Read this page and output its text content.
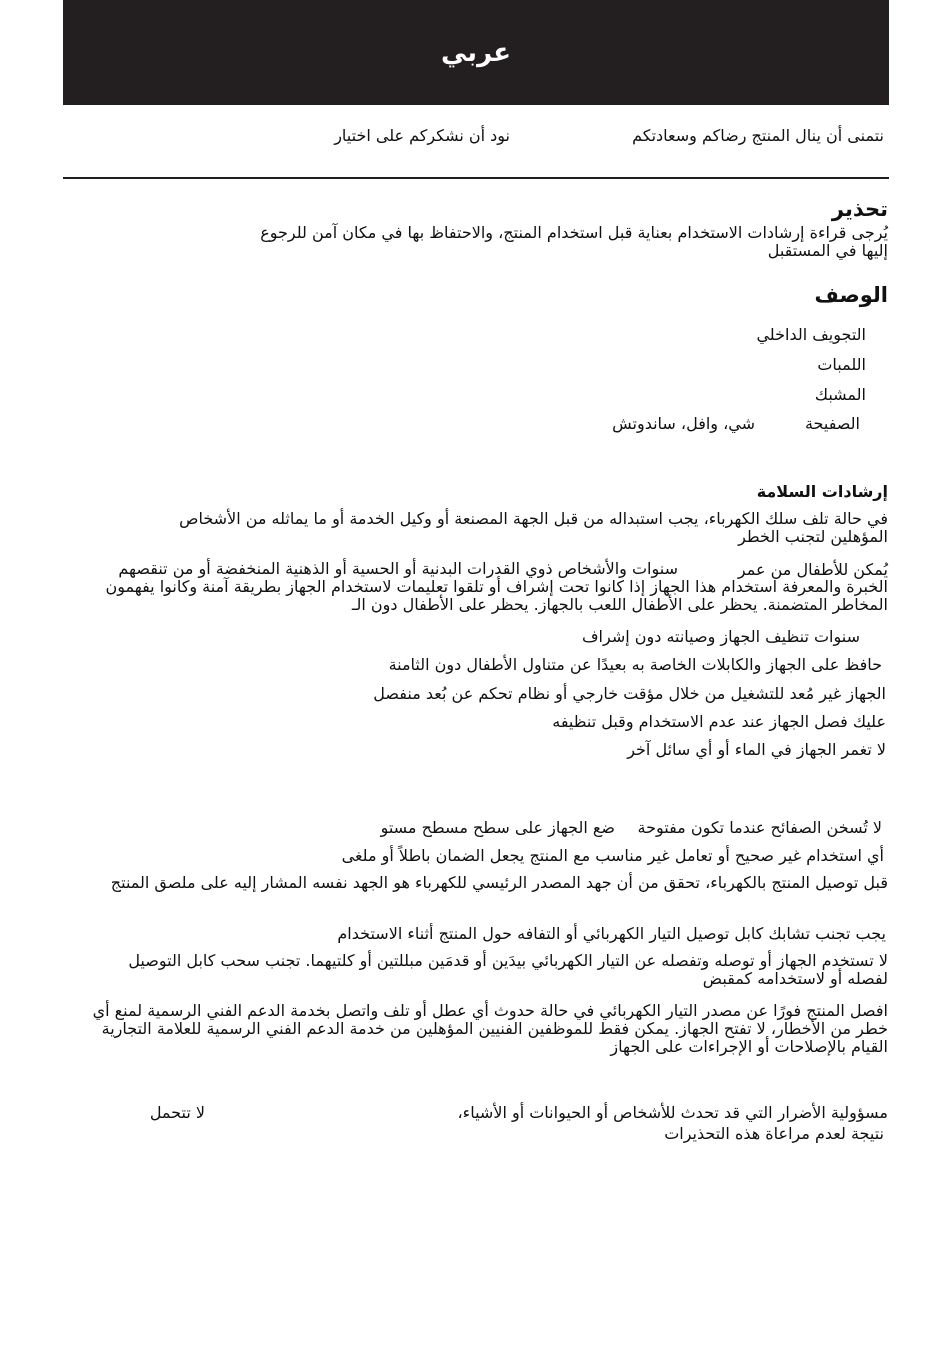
عربي
نتمنى أن ينال المنتج رضاكم وسعادتكم
نود أن نشكركم على اختيار
تحذير
يُرجى قراءة إرشادات الاستخدام بعناية قبل استخدام المنتج، والاحتفاظ بها في مكان آمن للرجوع إليها في المستقبل
الوصف
التجويف الداخلي
اللمبات
المشبك
الصفيحة
شي، وافل، ساندوتش
إرشادات السلامة
في حالة تلف سلك الكهرباء، يجب استبداله من قبل الجهة المصنعة أو وكيل الخدمة أو ما يماثله من الأشخاص المؤهلين لتجنب الخطر
يُمكن للأطفال من عمر
سنوات والأشخاص ذوي القدرات البدنية أو الحسية أو الذهنية المنخفضة أو من تنقصهم الخبرة والمعرفة استخدام هذا الجهاز إذا كانوا تحت إشراف أو تلقوا تعليمات لاستخدام الجهاز بطريقة آمنة وكانوا يفهمون المخاطر المتضمنة. يحظر على الأطفال اللعب بالجهاز. يحظر على الأطفال دون الـ
سنوات تنظيف الجهاز وصيانته دون إشراف
حافظ على الجهاز والكابلات الخاصة به بعيدًا عن متناول الأطفال دون الثامنة
الجهاز غير مُعد للتشغيل من خلال مؤقت خارجي أو نظام تحكم عن بُعد منفصل
عليك فصل الجهاز عند عدم الاستخدام وقبل تنظيفه
لا تغمر الجهاز في الماء أو أي سائل آخر
لا تُسخن الصفائح عندما تكون مفتوحة
ضع الجهاز على سطح مسطح مستو
أي استخدام غير صحيح أو تعامل غير مناسب مع المنتج يجعل الضمان باطلاً أو ملغى
قبل توصيل المنتج بالكهرباء، تحقق من أن جهد المصدر الرئيسي للكهرباء هو الجهد نفسه المشار إليه على ملصق المنتج
يجب تجنب تشابك كابل توصيل التيار الكهربائي أو التفافه حول المنتج أثناء الاستخدام
لا تستخدم الجهاز أو توصله وتفصله عن التيار الكهربائي بيدَين أو قدمَين مبللتين أو كلتيهما. تجنب سحب كابل التوصيل لفصله أو لاستخدامه كمقبض
افصل المنتج فورًا عن مصدر التيار الكهربائي في حالة حدوث أي عطل أو تلف واتصل بخدمة الدعم الفني الرسمية لمنع أي خطر من الأخطار، لا تفتح الجهاز. يمكن فقط للموظفين الفنيين المؤهلين من خدمة الدعم الفني الرسمية للعلامة التجارية القيام بالإصلاحات أو الإجراءات على الجهاز
مسؤولية الأضرار التي قد تحدث للأشخاص أو الحيوانات أو الأشياء،
لا تتحمل
نتيجة لعدم مراعاة هذه التحذيرات
